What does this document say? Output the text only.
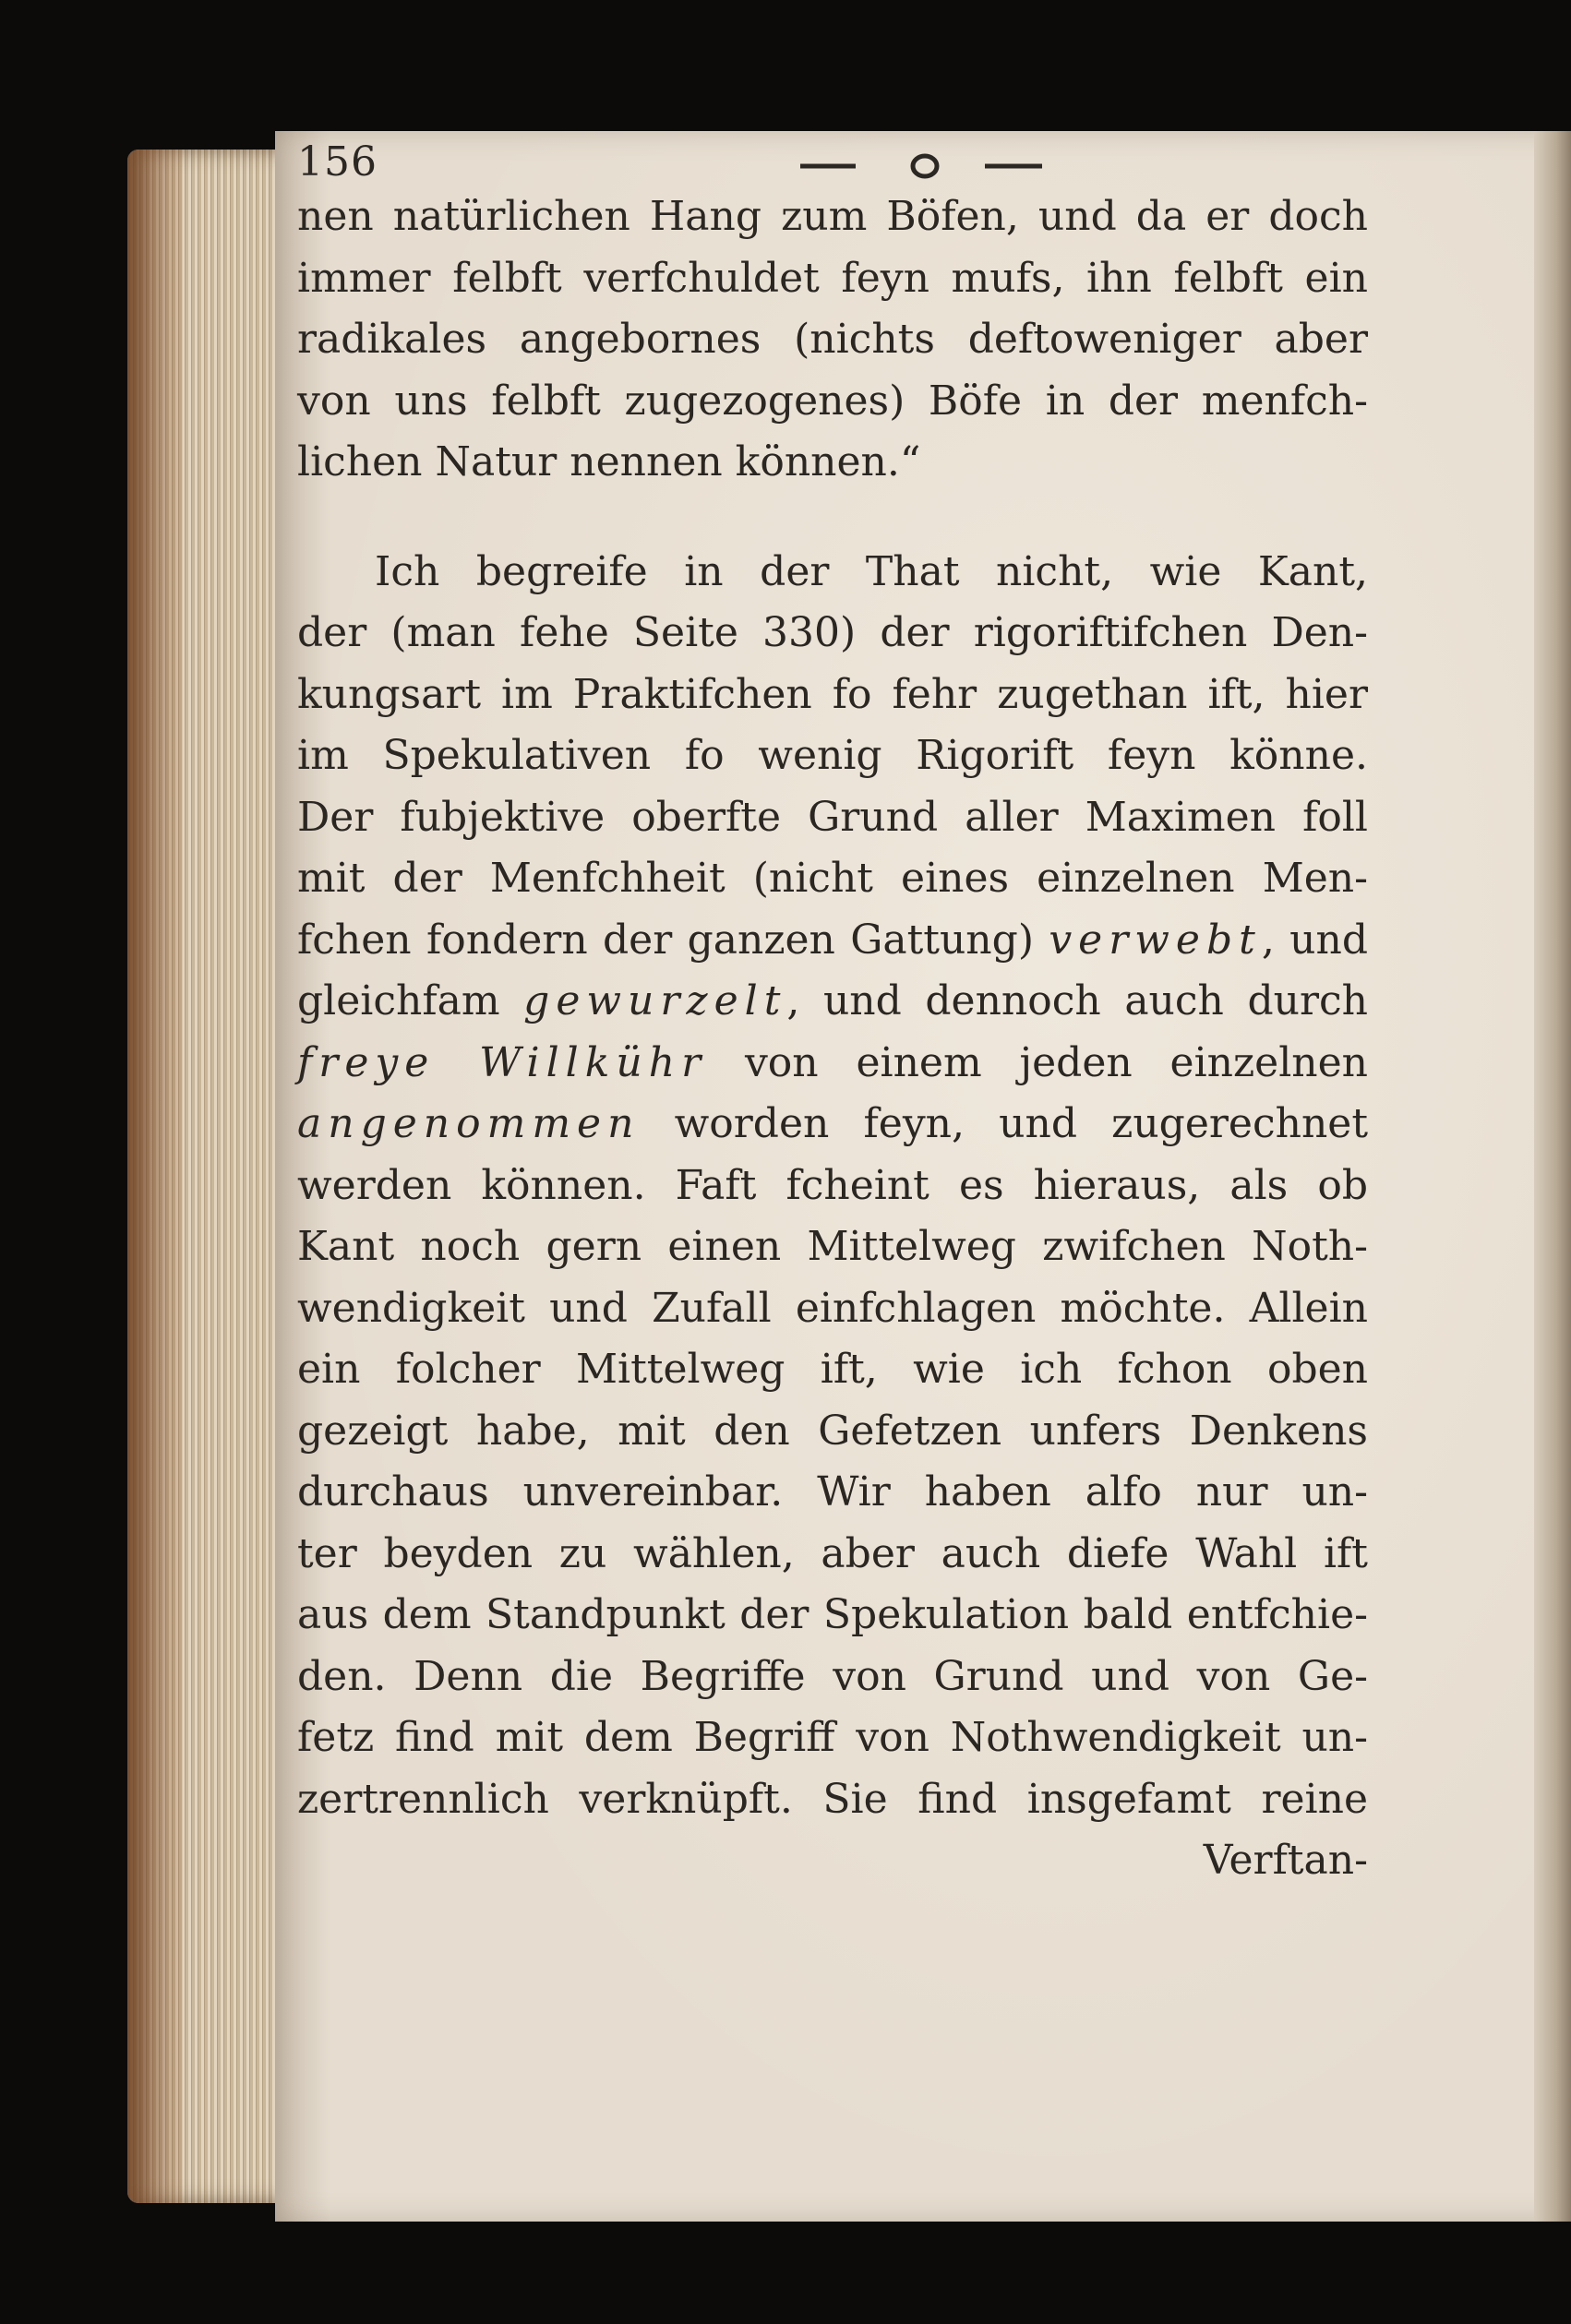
156
nen natürlichen Hang zum Böfen, und da er doch
immer felbft verfchuldet feyn mufs, ihn felbft ein
radikales angebornes (nichts deftoweniger aber
von uns felbft zugezogenes) Böfe in der menfch-
lichen Natur nennen können.“
Ich begreife in der That nicht, wie Kant,
der (man fehe Seite 330) der rigoriftifchen Den-
kungsart im Praktifchen fo fehr zugethan ift, hier
im Spekulativen fo wenig Rigorift feyn könne.
Der fubjektive oberfte Grund aller Maximen foll
mit der Menfchheit (nicht eines einzelnen Men-
fchen fondern der ganzen Gattung) verwebt, und
gleichfam gewurzelt, und dennoch auch durch
freye Willkühr von einem jeden einzelnen
angenommen worden feyn, und zugerechnet
werden können. Faft fcheint es hieraus, als ob
Kant noch gern einen Mittelweg zwifchen Noth-
wendigkeit und Zufall einfchlagen möchte. Allein
ein folcher Mittelweg ift, wie ich fchon oben
gezeigt habe, mit den Gefetzen unfers Denkens
durchaus unvereinbar. Wir haben alfo nur un-
ter beyden zu wählen, aber auch diefe Wahl ift
aus dem Standpunkt der Spekulation bald entfchie-
den. Denn die Begriffe von Grund und von Ge-
fetz find mit dem Begriff von Nothwendigkeit un-
zertrennlich verknüpft. Sie find insgefamt reine
Verftan-
